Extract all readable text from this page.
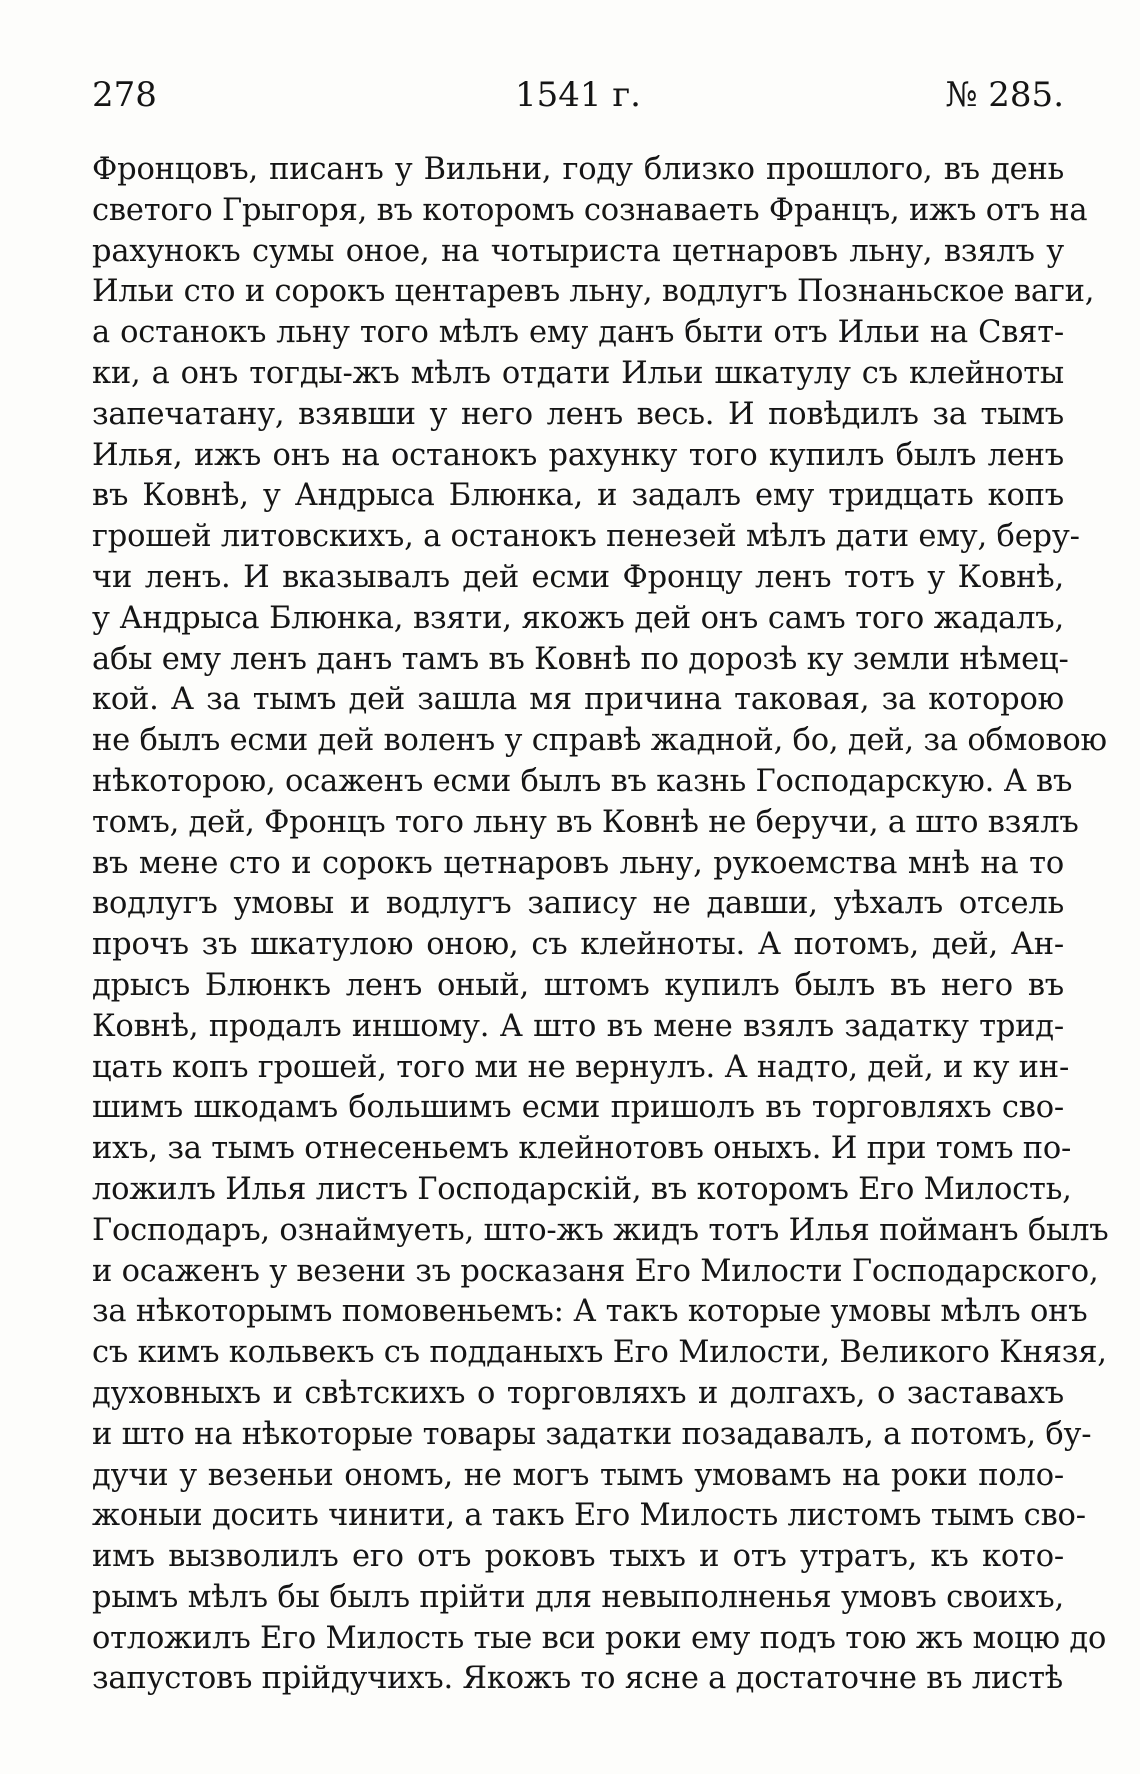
278	1541 г.	№ 285.
Фронцовъ, писанъ у Вильни, году близко прошлого, въ день
светого Грыгоря, въ которомъ сознаваеть Францъ, ижъ отъ на
рахунокъ сумы оное, на чотыриста цетнаровъ льну, взялъ у
Ильи сто и сорокъ центаревъ льну, водлугъ Познаньское ваги,
а останокъ льну того мѣлъ ему данъ быти отъ Ильи на Свят-
ки, а онъ тогды-жъ мѣлъ отдати Ильи шкатулу съ клейноты
запечатану, взявши у него ленъ весь. И повѣдилъ за тымъ
Илья, ижъ онъ на останокъ рахунку того купилъ былъ ленъ
въ Ковнѣ, у Андрыса Блюнка, и задалъ ему тридцать копъ
грошей литовскихъ, а останокъ пенезей мѣлъ дати ему, беру-
чи ленъ. И вказывалъ дей есми Фронцу ленъ тотъ у Ковнѣ,
у Андрыса Блюнка, взяти, якожъ дей онъ самъ того жадалъ,
абы ему ленъ данъ тамъ въ Ковнѣ по дорозѣ ку земли нѣмец-
кой. А за тымъ дей зашла мя причина таковая, за которою
не былъ есми дей воленъ у справѣ жадной, бо, дей, за обмовою
нѣкоторою, осаженъ есми былъ въ казнь Господарскую. А въ
томъ, дей, Фронцъ того льну въ Ковнѣ не беручи, а што взялъ
въ мене сто и сорокъ цетнаровъ льну, рукоемства мнѣ на то
водлугъ умовы и водлугъ запису не давши, уѣхалъ отсель
прочъ зъ шкатулою оною, съ клейноты. А потомъ, дей, Ан-
дрысъ Блюнкъ ленъ оный, штомъ купилъ былъ въ него въ
Ковнѣ, продалъ иншому. А што въ мене взялъ задатку трид-
цать копъ грошей, того ми не вернулъ. А надто, дей, и ку ин-
шимъ шкодамъ большимъ есми пришолъ въ торговляхъ сво-
ихъ, за тымъ отнесеньемъ клейнотовъ оныхъ. И при томъ по-
ложилъ Илья листъ Господарскій, въ которомъ Его Милость,
Господаръ, ознаймуеть, што-жъ жидъ тотъ Илья пойманъ былъ
и осаженъ у везени зъ росказаня Его Милости Господарского,
за нѣкоторымъ помовеньемъ: А такъ которые умовы мѣлъ онъ
съ кимъ кольвекъ съ подданыхъ Его Милости, Великого Князя,
духовныхъ и свѣтскихъ о торговляхъ и долгахъ, о заставахъ
и што на нѣкоторые товары задатки позадавалъ, а потомъ, бу-
дучи у везеньи ономъ, не могъ тымъ умовамъ на роки поло-
жоныи досить чинити, а такъ Его Милость листомъ тымъ сво-
имъ вызволилъ его отъ роковъ тыхъ и отъ утратъ, къ кото-
рымъ мѣлъ бы былъ прійти для невыполненья умовъ своихъ,
отложилъ Его Милость тые вси роки ему подъ тою жъ моцю до
запустовъ прійдучихъ. Якожъ то ясне а достаточне въ листѣ
